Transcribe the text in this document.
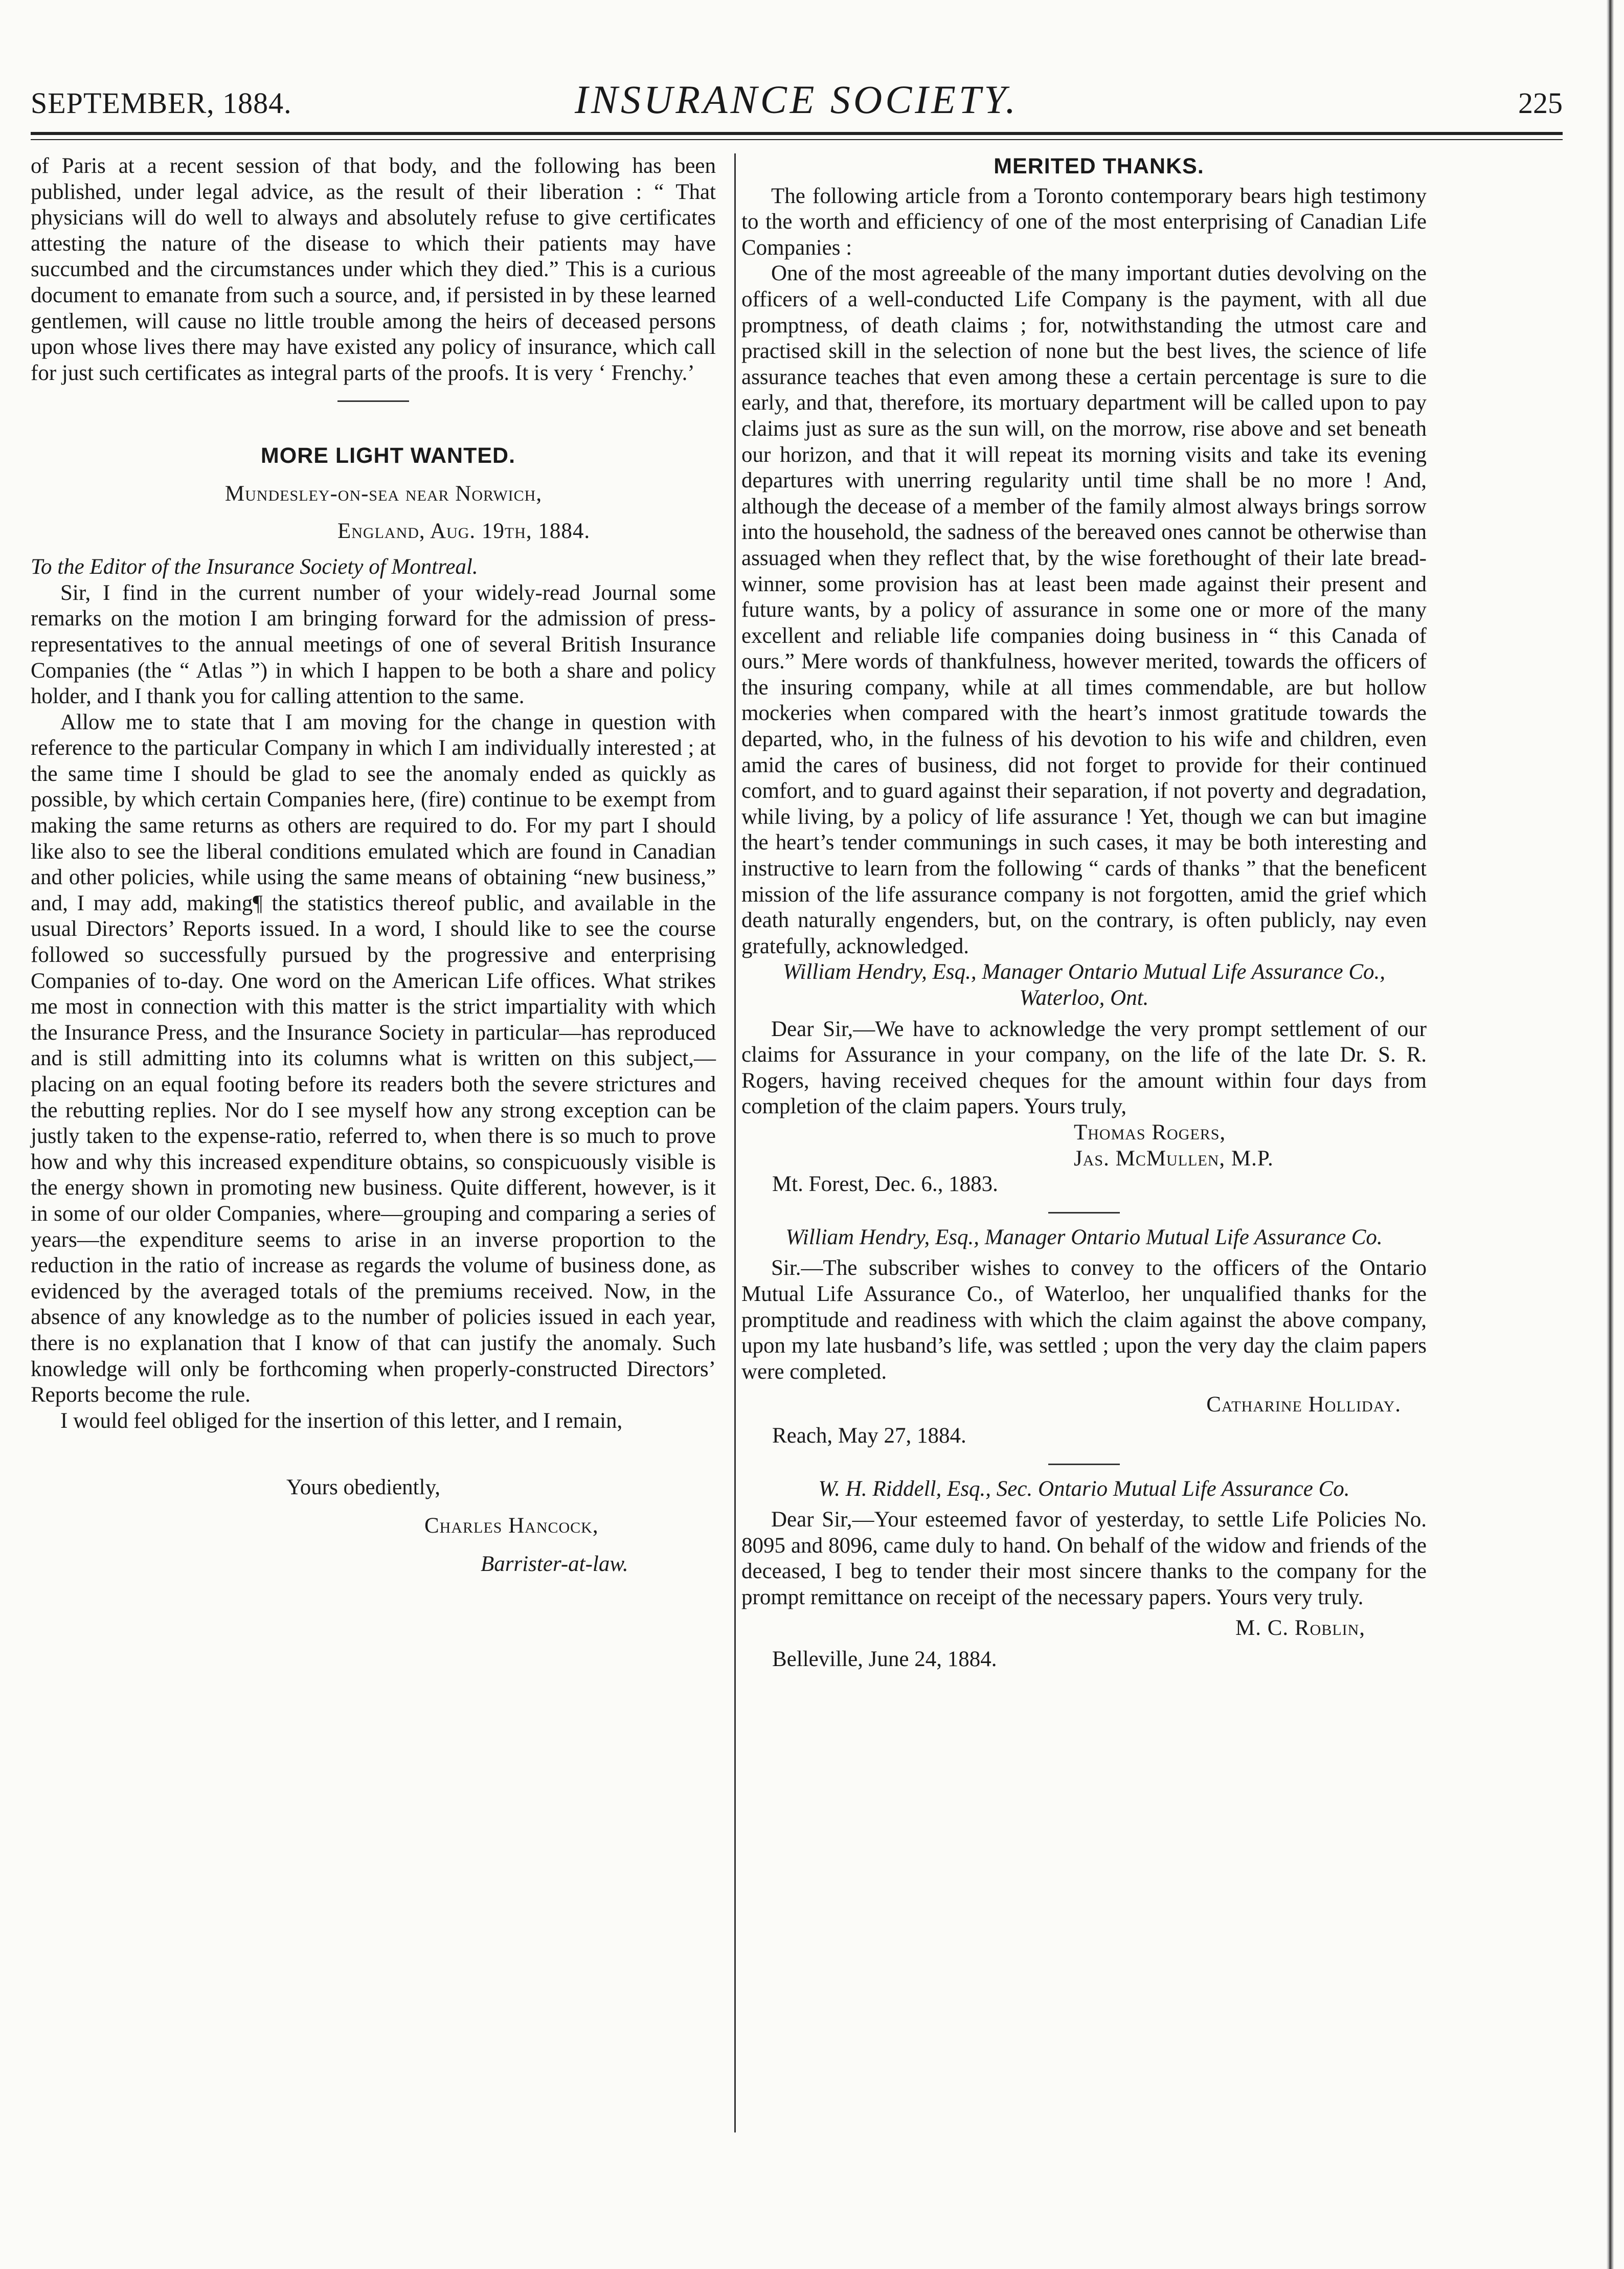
SEPTEMBER, 1884.	INSURANCE SOCIETY.	225

of Paris at a recent session of that body, and the following has been published, under legal advice, as the result of their liberation : “ That physicians will do well to always and absolutely refuse to give certificates attesting the nature of the disease to which their patients may have succumbed and the circumstances under which they died.” This is a curious document to emanate from such a source, and, if persisted in by these learned gentlemen, will cause no little trouble among the heirs of deceased persons upon whose lives there may have existed any policy of insurance, which call for just such certificates as integral parts of the proofs. It is very ‘ Frenchy.’

MORE LIGHT WANTED.

Mundesley-on-sea near Norwich,

England, Aug. 19th, 1884.

To the Editor of the Insurance Society of Montreal.

Sir, I find in the current number of your widely-read Journal some remarks on the motion I am bringing forward for the admission of press-representatives to the annual meetings of one of several British Insurance Companies (the “ Atlas ”) in which I happen to be both a share and policy holder, and I thank you for calling attention to the same.

Allow me to state that I am moving for the change in question with reference to the particular Company in which I am individually interested ; at the same time I should be glad to see the anomaly ended as quickly as possible, by which certain Companies here, (fire) continue to be exempt from making the same returns as others are required to do. For my part I should like also to see the liberal conditions emulated which are found in Canadian and other policies, while using the same means of obtaining “new business,” and, I may add, making¶ the statistics thereof public, and available in the usual Directors’ Reports issued. In a word, I should like to see the course followed so successfully pursued by the progressive and enterprising Companies of to-day. One word on the American Life offices. What strikes me most in connection with this matter is the strict impartiality with which the Insurance Press, and the Insurance Society in particular—has reproduced and is still admitting into its columns what is written on this subject,—placing on an equal footing before its readers both the severe strictures and the rebutting replies. Nor do I see myself how any strong exception can be justly taken to the expense-ratio, referred to, when there is so much to prove how and why this increased expenditure obtains, so conspicuously visible is the energy shown in promoting new business. Quite different, however, is it in some of our older Companies, where—grouping and comparing a series of years—the expenditure seems to arise in an inverse proportion to the reduction in the ratio of increase as regards the volume of business done, as evidenced by the averaged totals of the premiums received. Now, in the absence of any knowledge as to the number of policies issued in each year, there is no explanation that I know of that can justify the anomaly. Such knowledge will only be forthcoming when properly-constructed Directors’ Reports become the rule.

I would feel obliged for the insertion of this letter, and I remain,

Yours obediently,

Charles Hancock,

Barrister-at-law.

MERITED THANKS.

The following article from a Toronto contemporary bears high testimony to the worth and efficiency of one of the most enterprising of Canadian Life Companies :

One of the most agreeable of the many important duties devolving on the officers of a well-conducted Life Company is the payment, with all due promptness, of death claims ; for, notwithstanding the utmost care and practised skill in the selection of none but the best lives, the science of life assurance teaches that even among these a certain percentage is sure to die early, and that, therefore, its mortuary department will be called upon to pay claims just as sure as the sun will, on the morrow, rise above and set beneath our horizon, and that it will repeat its morning visits and take its evening departures with unerring regularity until time shall be no more ! And, although the decease of a member of the family almost always brings sorrow into the household, the sadness of the bereaved ones cannot be otherwise than assuaged when they reflect that, by the wise forethought of their late bread-winner, some provision has at least been made against their present and future wants, by a policy of assurance in some one or more of the many excellent and reliable life companies doing business in “ this Canada of ours.” Mere words of thankfulness, however merited, towards the officers of the insuring company, while at all times commendable, are but hollow mockeries when compared with the heart’s inmost gratitude towards the departed, who, in the fulness of his devotion to his wife and children, even amid the cares of business, did not forget to provide for their continued comfort, and to guard against their separation, if not poverty and degradation, while living, by a policy of life assurance ! Yet, though we can but imagine the heart’s tender communings in such cases, it may be both interesting and instructive to learn from the following “ cards of thanks ” that the beneficent mission of the life assurance company is not forgotten, amid the grief which death naturally engenders, but, on the contrary, is often publicly, nay even gratefully, acknowledged.

William Hendry, Esq., Manager Ontario Mutual Life Assurance Co., Waterloo, Ont.

Dear Sir,—We have to acknowledge the very prompt settlement of our claims for Assurance in your company, on the life of the late Dr. S. R. Rogers, having received cheques for the amount within four days from completion of the claim papers. Yours truly,

Thomas Rogers,

Jas. McMullen, M.P.

Mt. Forest, Dec. 6., 1883.

William Hendry, Esq., Manager Ontario Mutual Life Assurance Co.

Sir.—The subscriber wishes to convey to the officers of the Ontario Mutual Life Assurance Co., of Waterloo, her unqualified thanks for the promptitude and readiness with which the claim against the above company, upon my late husband’s life, was settled ; upon the very day the claim papers were completed.

Catharine Holliday.

Reach, May 27, 1884.

W. H. Riddell, Esq., Sec. Ontario Mutual Life Assurance Co.

Dear Sir,—Your esteemed favor of yesterday, to settle Life Policies No. 8095 and 8096, came duly to hand. On behalf of the widow and friends of the deceased, I beg to tender their most sincere thanks to the company for the prompt remittance on receipt of the necessary papers. Yours very truly.

M. C. Roblin,

Belleville, June 24, 1884.
